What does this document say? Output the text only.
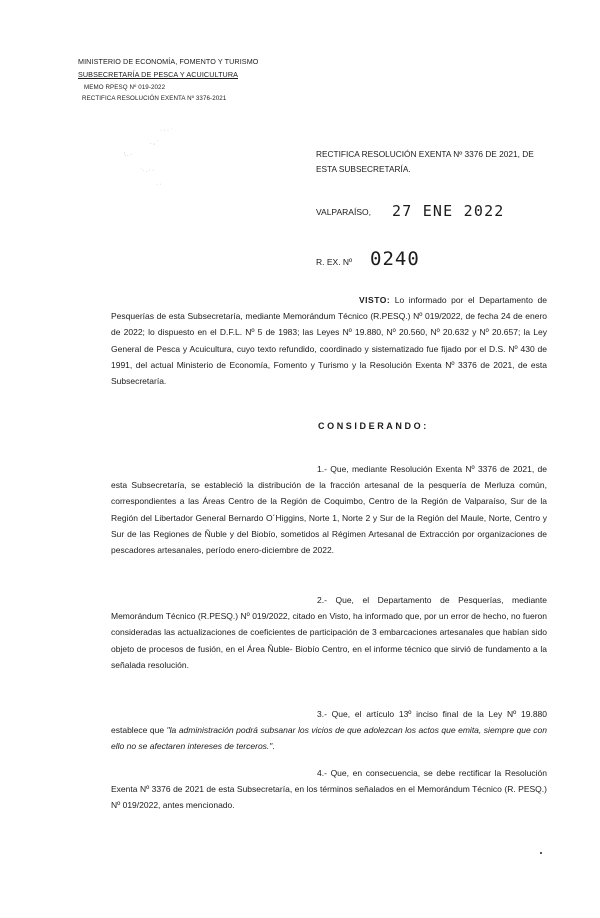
MINISTERIO DE ECONOMÍA, FOMENTO Y TURISMO
SUBSECRETARÍA DE PESCA Y ACUICULTURA
MEMO RPESQ Nº 019-2022
RECTIFICA RESOLUCIÓN EXENTA Nº 3376-2021
· · · ˊ
. ‚ ˙
\ . ·
ˋ· . · ·
· ·
RECTIFICA RESOLUCIÓN EXENTA Nº 3376 DE 2021, DE ESTA SUBSECRETARÍA.
VALPARAÍSO, 27 ENE 2022
R. EX. Nº 0240
VISTO: Lo informado por el Departamento de Pesquerías de esta Subsecretaría, mediante Memorándum Técnico (R.PESQ.) Nº 019/2022, de fecha 24 de enero de 2022; lo dispuesto en el D.F.L. Nº 5 de 1983; las Leyes Nº 19.880, Nº 20.560, Nº 20.632 y Nº 20.657; la Ley General de Pesca y Acuicultura, cuyo texto refundido, coordinado y sistematizado fue fijado por el D.S. Nº 430 de 1991, del actual Ministerio de Economía, Fomento y Turismo y la Resolución Exenta Nº 3376 de 2021, de esta Subsecretaría.
CONSIDERANDO:
1.- Que, mediante Resolución Exenta Nº 3376 de 2021, de esta Subsecretaría, se estableció la distribución de la fracción artesanal de la pesquería de Merluza común, correspondientes a las Áreas Centro de la Región de Coquimbo, Centro de la Región de Valparaíso, Sur de la Región del Libertador General Bernardo O´Higgins, Norte 1, Norte 2 y Sur de la Región del Maule, Norte, Centro y Sur de las Regiones de Ñuble y del Biobío, sometidos al Régimen Artesanal de Extracción por organizaciones de pescadores artesanales, período enero-diciembre de 2022.
2.- Que, el Departamento de Pesquerías, mediante Memorándum Técnico (R.PESQ.) Nº 019/2022, citado en Visto, ha informado que, por un error de hecho, no fueron consideradas las actualizaciones de coeficientes de participación de 3 embarcaciones artesanales que habían sido objeto de procesos de fusión, en el Área Ñuble- Biobío Centro, en el informe técnico que sirvió de fundamento a la señalada resolución.
3.- Que, el artículo 13º inciso final de la Ley Nº 19.880 establece que "la administración podrá subsanar los vicios de que adolezcan los actos que emita, siempre que con ello no se afectaren intereses de terceros.".
4.- Que, en consecuencia, se debe rectificar la Resolución Exenta Nº 3376 de 2021 de esta Subsecretaría, en los términos señalados en el Memorándum Técnico (R. PESQ.) Nº 019/2022, antes mencionado.
